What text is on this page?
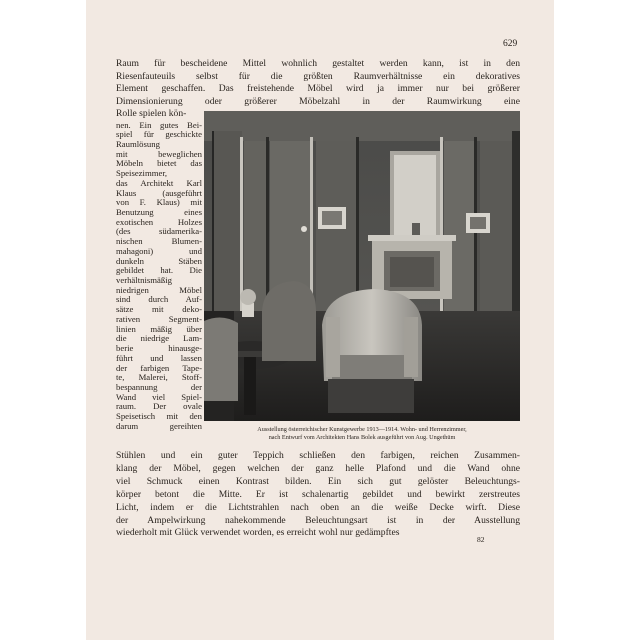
629
Raum für bescheidene Mittel wohnlich gestaltet werden kann, ist in den
Riesenfauteuils selbst für die größten Raumverhältnisse ein dekoratives
Element geschaffen. Das freistehende Möbel wird ja immer nur bei größerer
Dimensionierung oder größerer Möbelzahl in der Raumwirkung eine
Rolle spielen kön-
nen. Ein gutes Bei-
spiel für geschickte
Raumlösung
mit beweglichen
Möbeln bietet das
Speisezimmer,
das Architekt Karl
Klaus (ausgeführt
von F. Klaus) mit
Benutzung eines
exotischen Holzes
(des südamerika-
nischen Blumen-
mahagoni) und
dunkeln Stäben
gebildet hat. Die
verhältnismäßig
niedrigen Möbel
sind durch Auf-
sätze mit deko-
rativen Segment-
linien mäßig über
die niedrige Lam-
berie hinausge-
führt und lassen
der farbigen Tape-
te, Malerei, Stoff-
bespannung der
Wand viel Spiel-
raum. Der ovale
Speisetisch mit den
darum gereihten	Ausstellung österreichischer Kunstgewerbe 1913—1914. Wohn- und Herrenzimmer,
nach Entwurf vom Architekten Hans Bolek ausgeführt von Aug. Ungethüm
Stühlen und ein guter Teppich schließen den farbigen, reichen Zusammen-
klang der Möbel, gegen welchen der ganz helle Plafond und die Wand ohne
viel Schmuck einen Kontrast bilden. Ein sich gut gelöster Beleuchtungs-
körper betont die Mitte. Er ist schalenartig gebildet und bewirkt zerstreutes
Licht, indem er die Lichtstrahlen nach oben an die weiße Decke wirft. Diese
der Ampelwirkung nahekommende Beleuchtungsart ist in der Ausstellung
wiederholt mit Glück verwendet worden, es erreicht wohl nur gedämpftes
82
